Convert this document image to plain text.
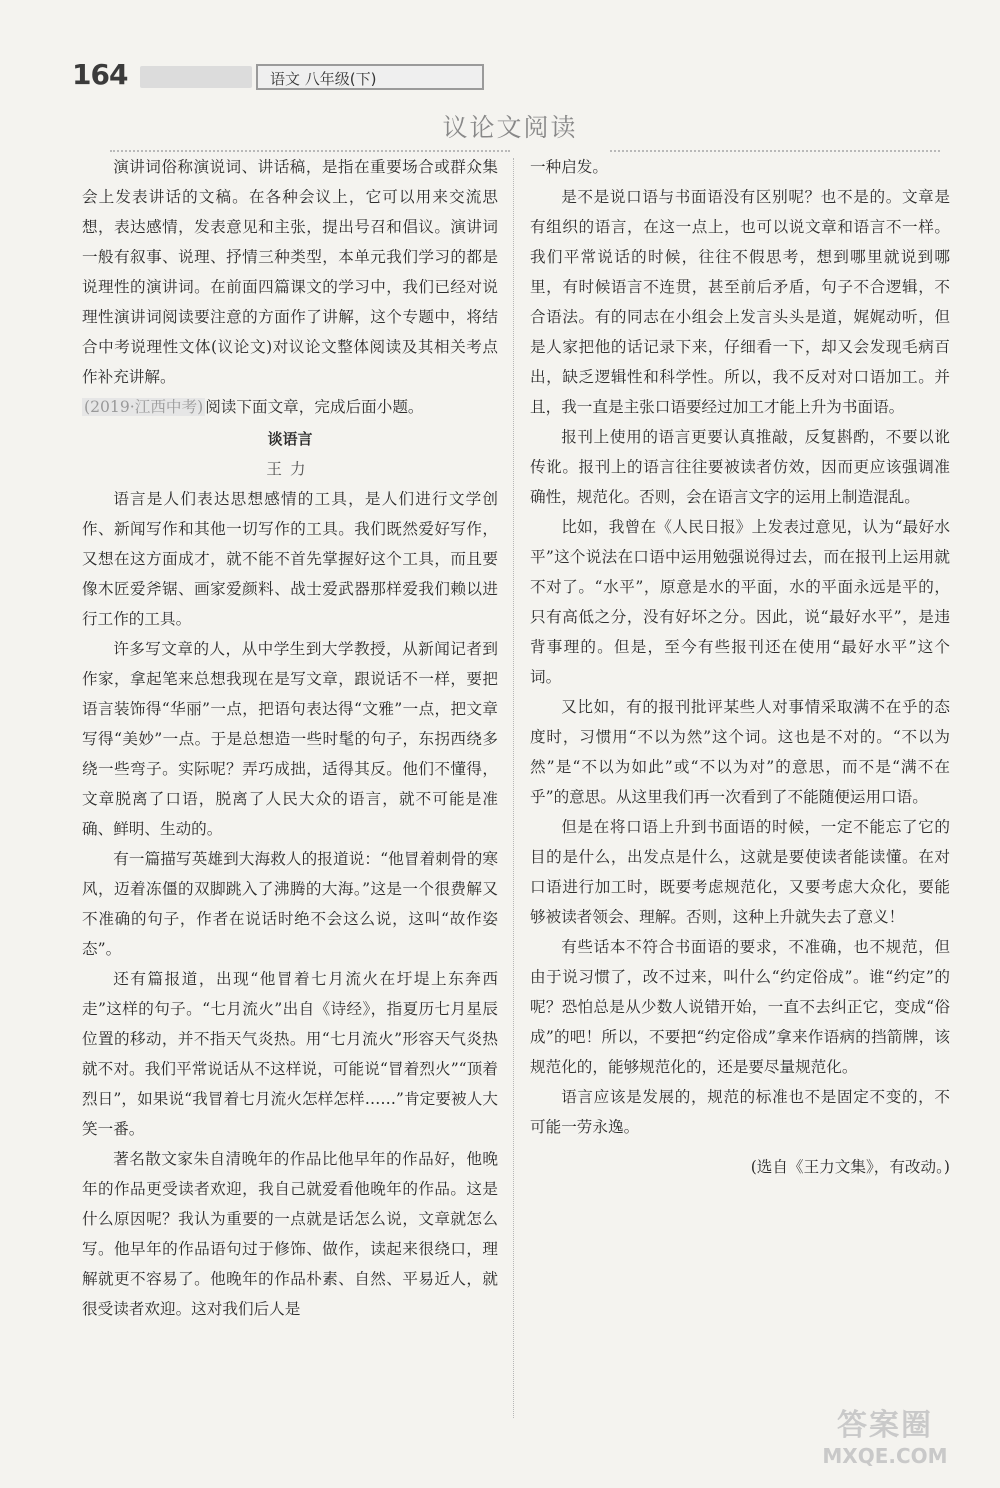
164	语文 八年级(下)
议论文阅读

演讲词俗称演说词、讲话稿，是指在重要场合或群众集会上发表讲话的文稿。在各种会议上，它可以用来交流思想，表达感情，发表意见和主张，提出号召和倡议。演讲词一般有叙事、说理、抒情三种类型，本单元我们学习的都是说理性的演讲词。在前面四篇课文的学习中，我们已经对说理性演讲词阅读要注意的方面作了讲解，这个专题中，将结合中考说理性文体(议论文)对议论文整体阅读及其相关考点作补充讲解。

(2019·江西中考) 阅读下面文章，完成后面小题。

谈语言

王力

语言是人们表达思想感情的工具，是人们进行文学创作、新闻写作和其他一切写作的工具。我们既然爱好写作，又想在这方面成才，就不能不首先掌握好这个工具，而且要像木匠爱斧锯、画家爱颜料、战士爱武器那样爱我们赖以进行工作的工具。

许多写文章的人，从中学生到大学教授，从新闻记者到作家，拿起笔来总想我现在是写文章，跟说话不一样，要把语言装饰得“华丽”一点，把语句表达得“文雅”一点，把文章写得“美妙”一点。于是总想造一些时髦的句子，东拐西绕多绕一些弯子。实际呢？弄巧成拙，适得其反。他们不懂得，文章脱离了口语，脱离了人民大众的语言，就不可能是准确、鲜明、生动的。

有一篇描写英雄到大海救人的报道说：“他冒着刺骨的寒风，迈着冻僵的双脚跳入了沸腾的大海。”这是一个很费解又不准确的句子，作者在说话时绝不会这么说，这叫“故作姿态”。

还有篇报道，出现“他冒着七月流火在圩堤上东奔西走”这样的句子。“七月流火”出自《诗经》，指夏历七月星辰位置的移动，并不指天气炎热。用“七月流火”形容天气炎热就不对。我们平常说话从不这样说，可能说“冒着烈火”“顶着烈日”，如果说“我冒着七月流火怎样怎样……”肯定要被人大笑一番。

著名散文家朱自清晚年的作品比他早年的作品好，他晚年的作品更受读者欢迎，我自己就爱看他晚年的作品。这是什么原因呢？我认为重要的一点就是话怎么说，文章就怎么写。他早年的作品语句过于修饰、做作，读起来很绕口，理解就更不容易了。他晚年的作品朴素、自然、平易近人，就很受读者欢迎。这对我们后人是

一种启发。

是不是说口语与书面语没有区别呢？也不是的。文章是有组织的语言，在这一点上，也可以说文章和语言不一样。我们平常说话的时候，往往不假思考，想到哪里就说到哪里，有时候语言不连贯，甚至前后矛盾，句子不合逻辑，不合语法。有的同志在小组会上发言头头是道，娓娓动听，但是人家把他的话记录下来，仔细看一下，却又会发现毛病百出，缺乏逻辑性和科学性。所以，我不反对对口语加工。并且，我一直是主张口语要经过加工才能上升为书面语。

报刊上使用的语言更要认真推敲，反复斟酌，不要以讹传讹。报刊上的语言往往要被读者仿效，因而更应该强调准确性，规范化。否则，会在语言文字的运用上制造混乱。

比如，我曾在《人民日报》上发表过意见，认为“最好水平”这个说法在口语中运用勉强说得过去，而在报刊上运用就不对了。“水平”，原意是水的平面，水的平面永远是平的，只有高低之分，没有好坏之分。因此，说“最好水平”，是违背事理的。但是，至今有些报刊还在使用“最好水平”这个词。

又比如，有的报刊批评某些人对事情采取满不在乎的态度时，习惯用“不以为然”这个词。这也是不对的。“不以为然”是“不以为如此”或“不以为对”的意思，而不是“满不在乎”的意思。从这里我们再一次看到了不能随便运用口语。

但是在将口语上升到书面语的时候，一定不能忘了它的目的是什么，出发点是什么，这就是要使读者能读懂。在对口语进行加工时，既要考虑规范化，又要考虑大众化，要能够被读者领会、理解。否则，这种上升就失去了意义！

有些话本不符合书面语的要求，不准确，也不规范，但由于说习惯了，改不过来，叫什么“约定俗成”。谁“约定”的呢？恐怕总是从少数人说错开始，一直不去纠正它，变成“俗成”的吧！所以，不要把“约定俗成”拿来作语病的挡箭牌，该规范化的，能够规范化的，还是要尽量规范化。

语言应该是发展的，规范的标准也不是固定不变的，不可能一劳永逸。

(选自《王力文集》，有改动。)

答案圈
MXQE.COM
